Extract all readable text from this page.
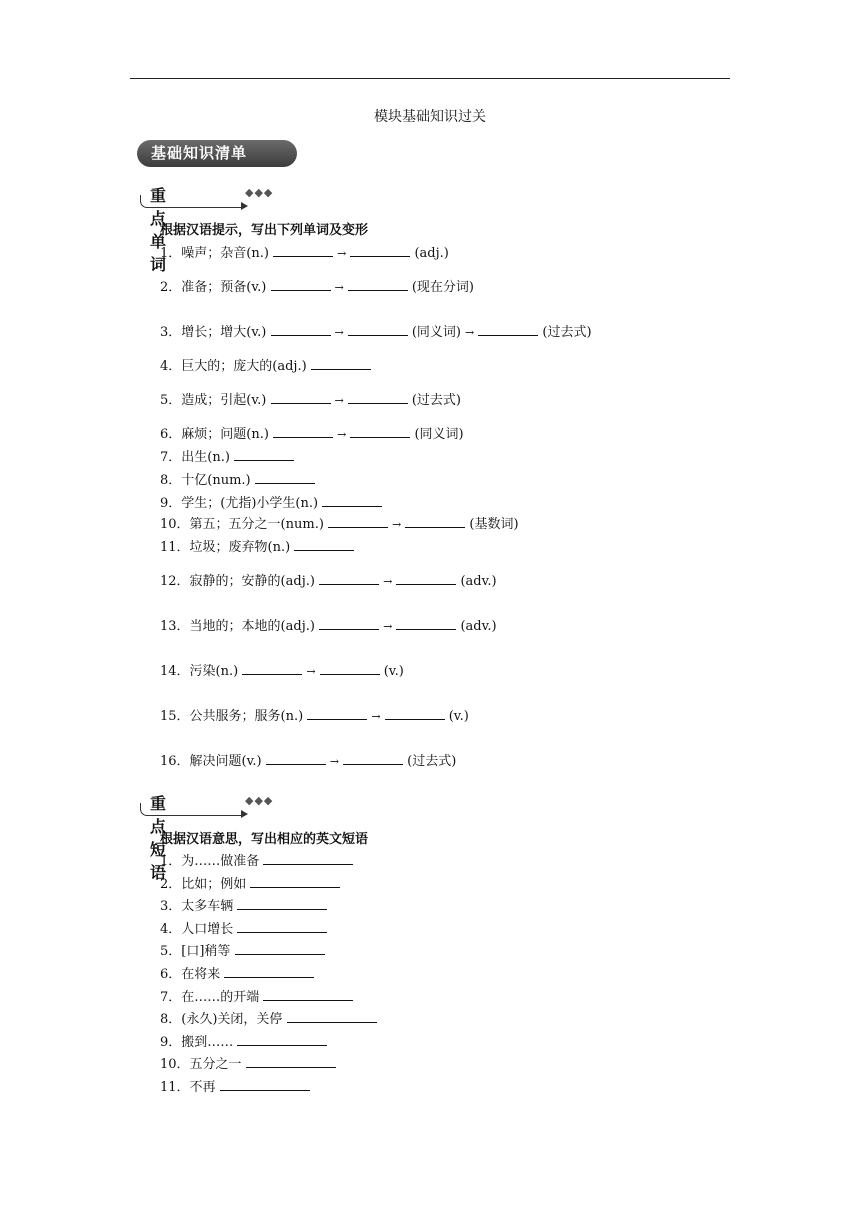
模块基础知识过关
基础知识清单
重点单词
◆◆◆
根据汉语提示，写出下列单词及变形
1．噪声；杂音(n.)	→	(adj.)
2．准备；预备(v.)	→	(现在分词)
3．增长；增大(v.)	→	(同义词) →	(过去式)
4．巨大的；庞大的(adj.)
5．造成；引起(v.)	→	(过去式)
6．麻烦；问题(n.)	→	(同义词)
7．出生(n.)
8．十亿(num.)
9．学生；(尤指)小学生(n.)
10．第五；五分之一(num.)	→	(基数词)
11．垃圾；废弃物(n.)
12．寂静的；安静的(adj.)	→	(adv.)
13．当地的；本地的(adj.)	→	(adv.)
14．污染(n.)	→	(v.)
15．公共服务；服务(n.)	→	(v.)
16．解决问题(v.)	→	(过去式)
重点短语
◆◆◆
根据汉语意思，写出相应的英文短语
1．为……做准备
2．比如；例如
3．太多车辆
4．人口增长
5．[口]稍等
6．在将来
7．在……的开端
8．(永久)关闭，关停
9．搬到……
10．五分之一
11．不再
